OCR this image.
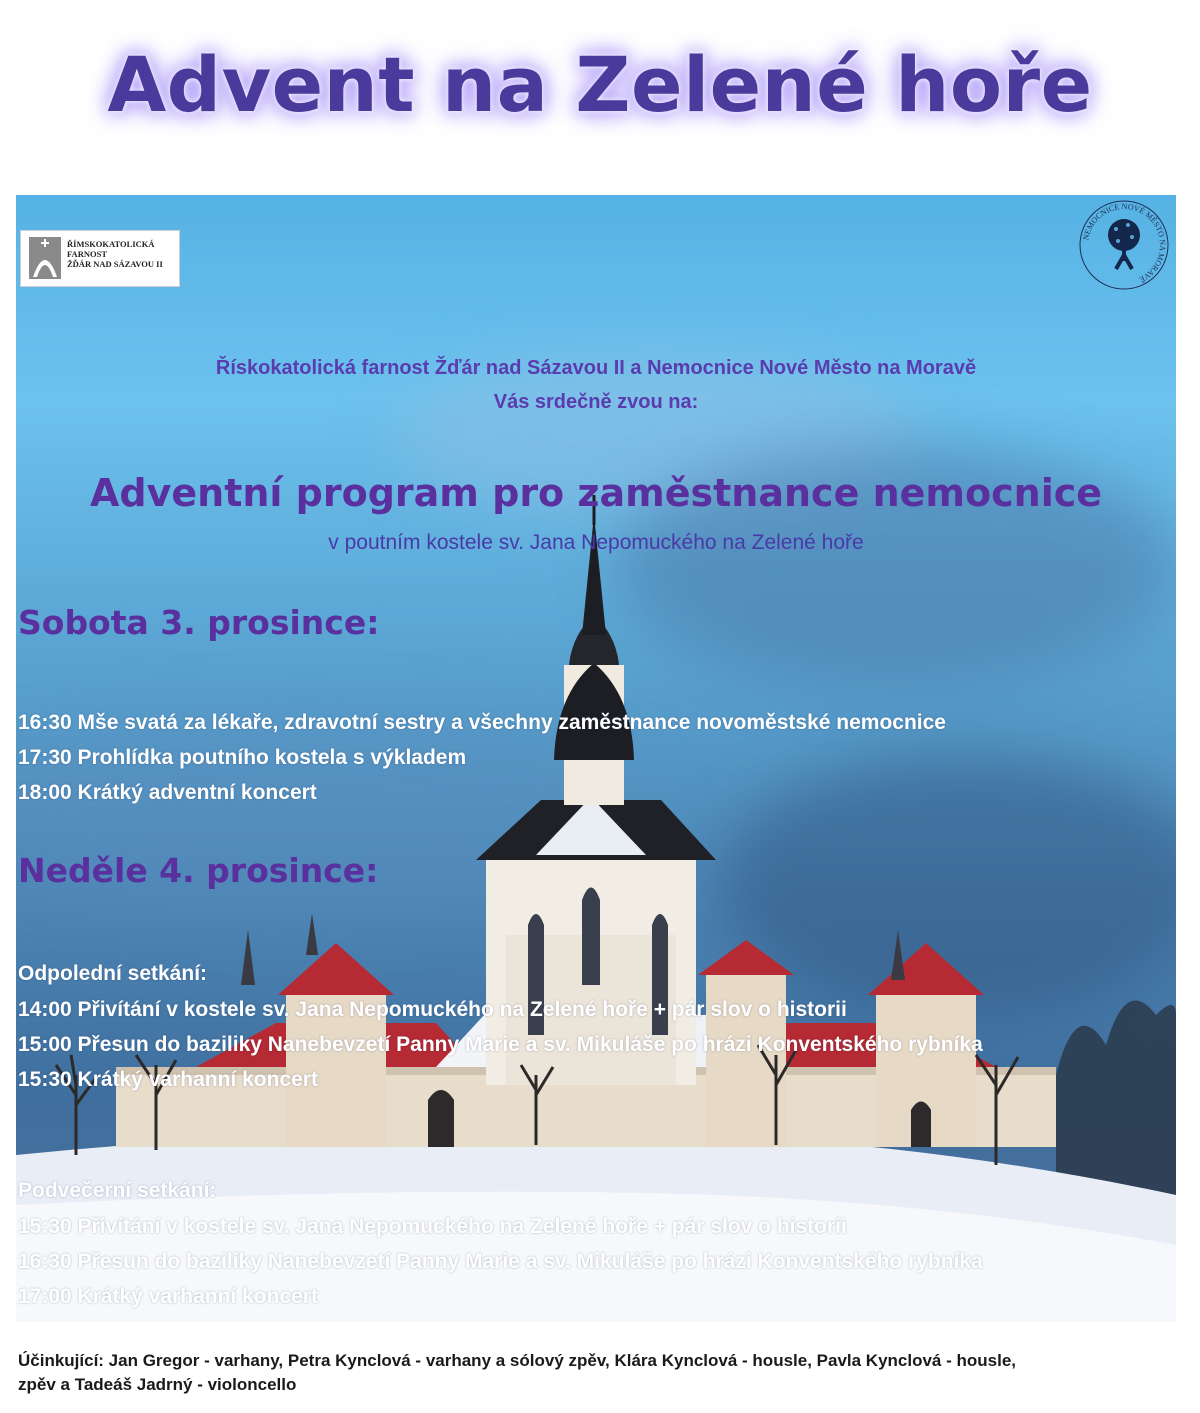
Advent na Zelené hoře
ŘÍMSKOKATOLICKÁ
FARNOST
ŽĎÁR NAD SÁZAVOU II
NEMOCNICE NOVÉ MĚSTO NA MORAVĚ
Řískokatolická farnost Žďár nad Sázavou II a Nemocnice Nové Město na Moravě
Vás srdečně zvou na:
Adventní program pro zaměstnance nemocnice
v poutním kostele sv. Jana Nepomuckého na Zelené hoře
Sobota 3. prosince:
16:30 Mše svatá za lékaře, zdravotní sestry a všechny zaměstnance novoměstské nemocnice
17:30 Prohlídka poutního kostela s výkladem
18:00 Krátký adventní koncert
Neděle 4. prosince:
Odpolední setkání:
14:00 Přivítání v kostele sv. Jana Nepomuckého na Zelené hoře + pár slov o historii
15:00 Přesun do baziliky Nanebevzetí Panny Marie a sv. Mikuláše po hrázi Konventského rybníka
15:30 Krátký varhanní koncert
Podvečerní setkání:
15:30 Přivítání v kostele sv. Jana Nepomuckého na Zelené hoře + pár slov o historii
16:30 Přesun do baziliky Nanebevzetí Panny Marie a sv. Mikuláše po hrázi Konventského rybníka
17:00 Krátký varhanní koncert
Účinkující: Jan Gregor - varhany, Petra Kynclová - varhany a sólový zpěv, Klára Kynclová - housle, Pavla Kynclová - housle,
zpěv a Tadeáš Jadrný - violoncello
